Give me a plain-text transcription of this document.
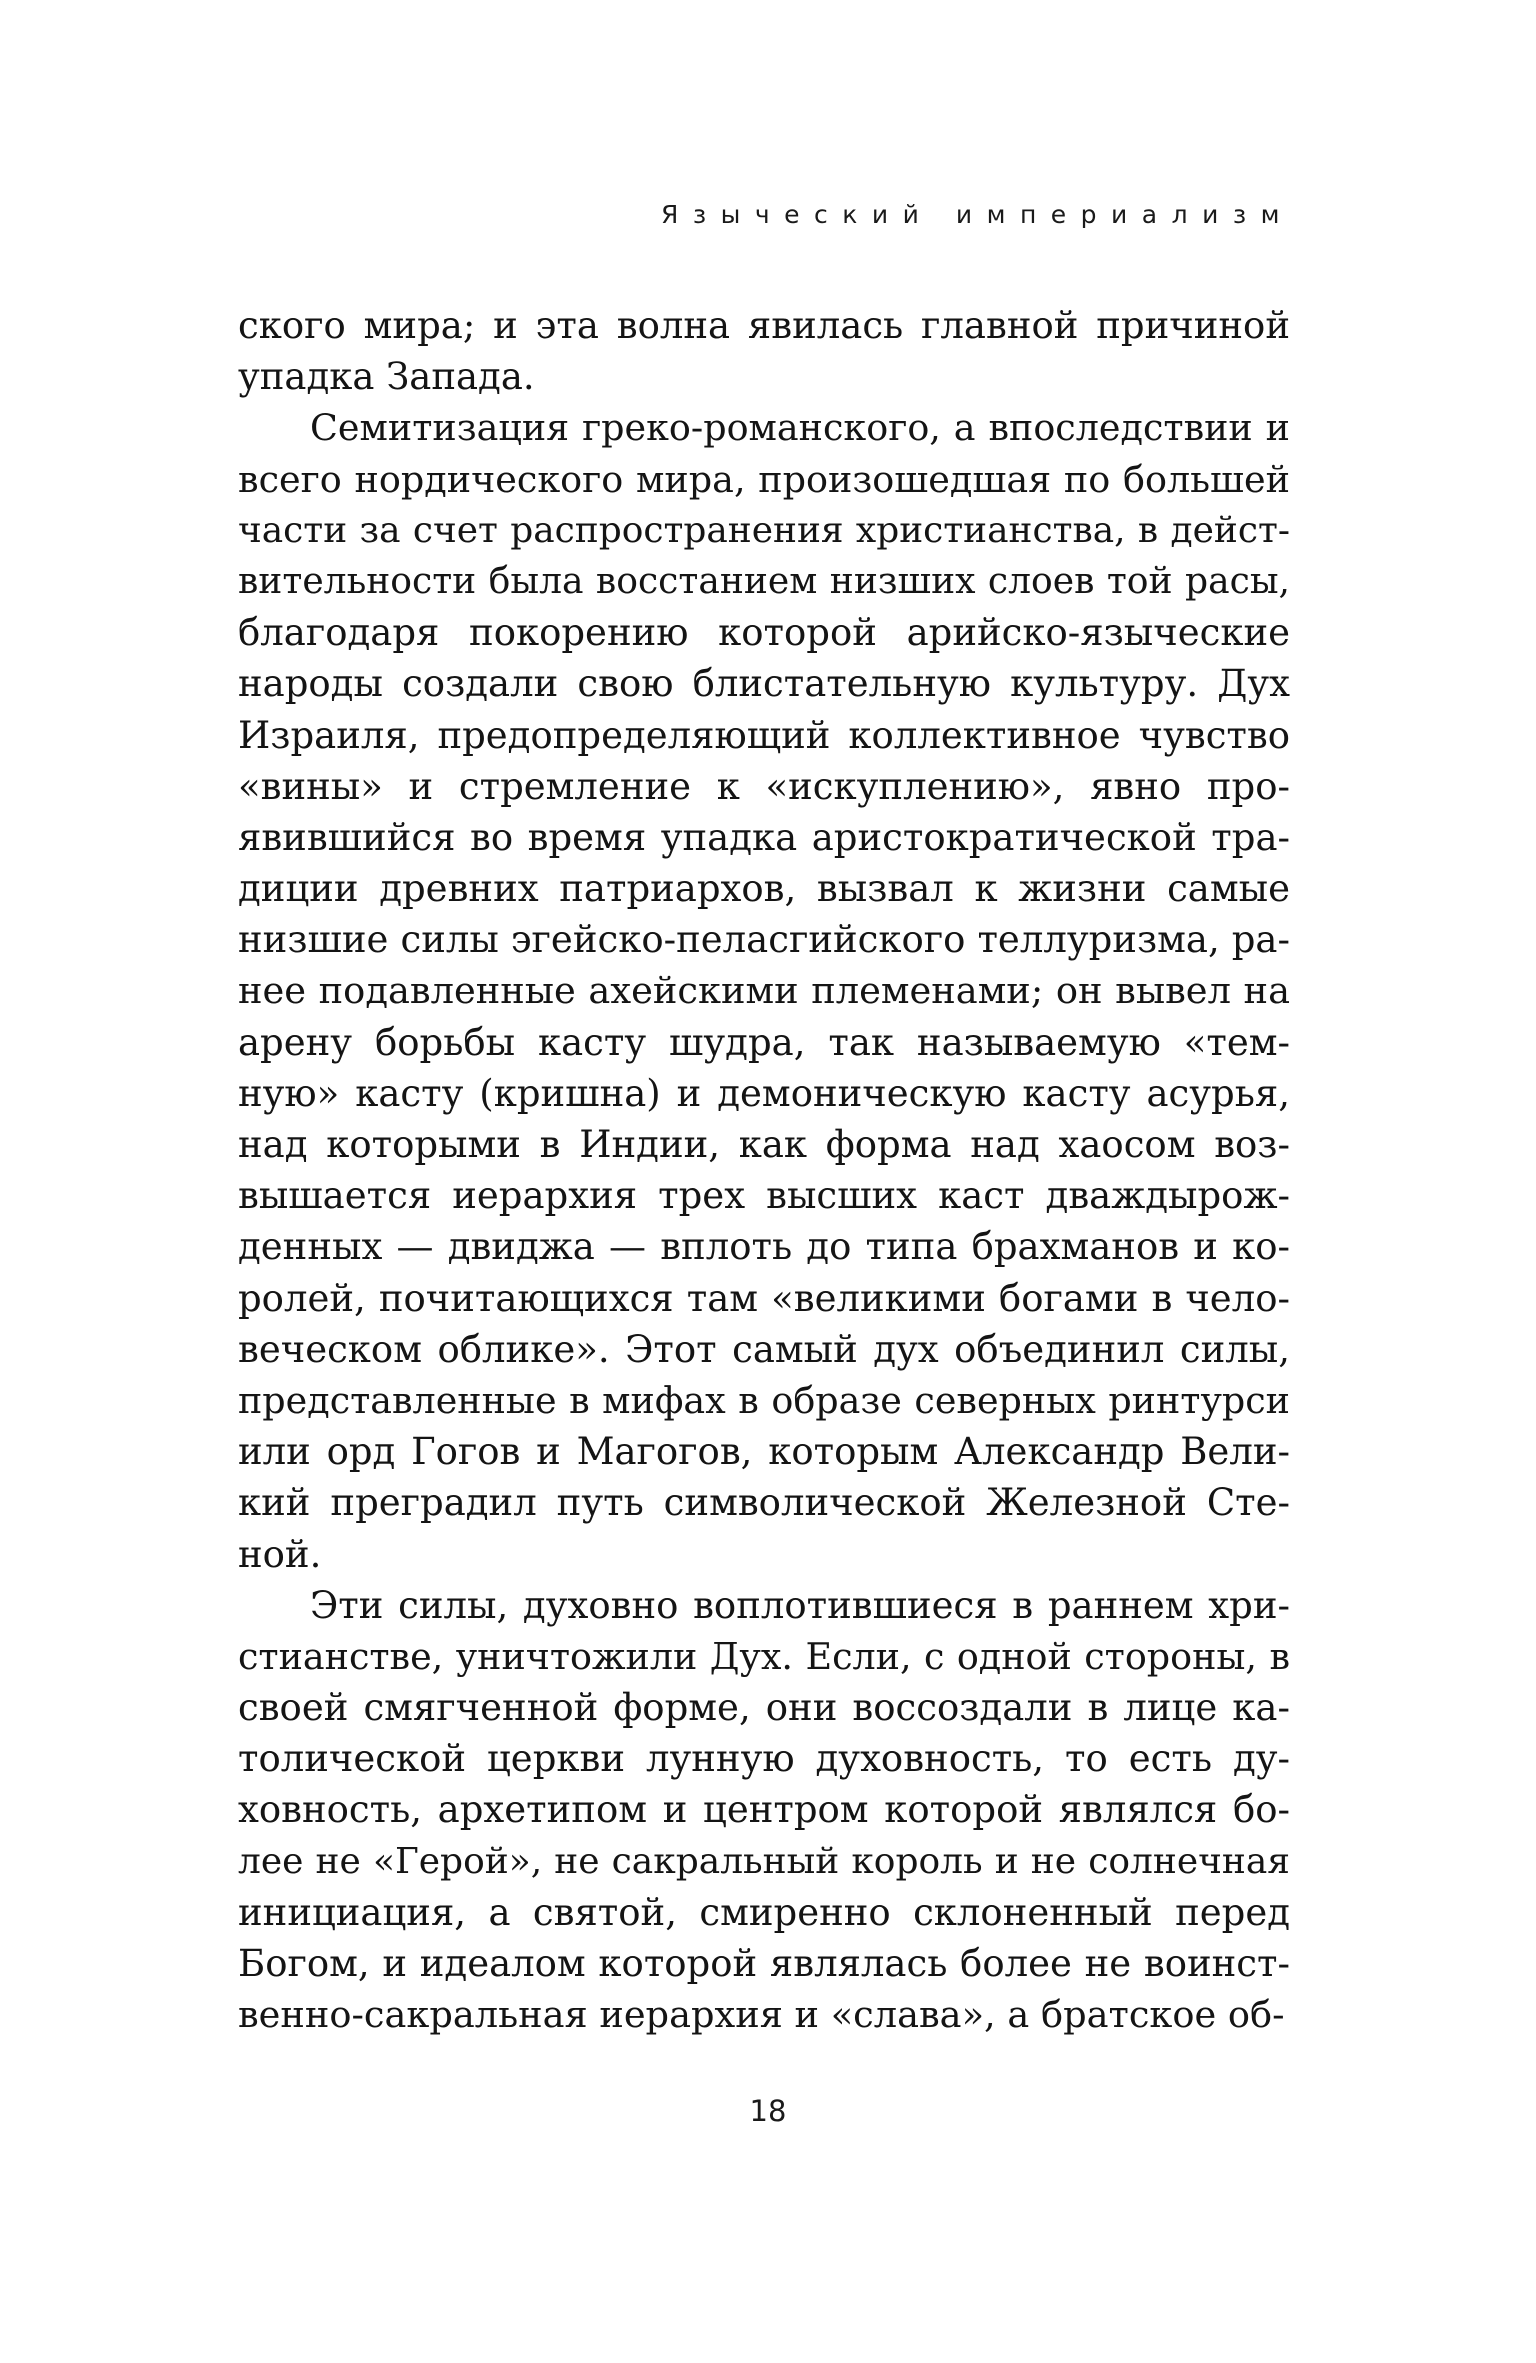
Языческий империализм
ского мира; и эта волна явилась главной причиной
упадка Запада.
Семитизация греко-романского, а впоследствии и
всего нордического мира, произошедшая по большей
части за счет распространения христианства, в дейст-
вительности была восстанием низших слоев той расы,
благодаря покорению которой арийско-языческие
народы создали свою блистательную культуру. Дух
Израиля, предопределяющий коллективное чувство
«вины» и стремление к «искуплению», явно про-
явившийся во время упадка аристократической тра-
диции древних патриархов, вызвал к жизни самые
низшие силы эгейско-пеласгийского теллуризма, ра-
нее подавленные ахейскими племенами; он вывел на
арену борьбы касту шудра, так называемую «тем-
ную» касту (кришна) и демоническую касту асурья,
над которыми в Индии, как форма над хаосом воз-
вышается иерархия трех высших каст дваждырож-
денных — двиджа — вплоть до типа брахманов и ко-
ролей, почитающихся там «великими богами в чело-
веческом облике». Этот самый дух объединил силы,
представленные в мифах в образе северных ринтурси
или орд Гогов и Магогов, которым Александр Вели-
кий преградил путь символической Железной Сте-
ной.
Эти силы, духовно воплотившиеся в раннем хри-
стианстве, уничтожили Дух. Если, с одной стороны, в
своей смягченной форме, они воссоздали в лице ка-
толической церкви лунную духовность, то есть ду-
ховность, архетипом и центром которой являлся бо-
лее не «Герой», не сакральный король и не солнечная
инициация, а святой, смиренно склоненный перед
Богом, и идеалом которой являлась более не воинст-
венно-сакральная иерархия и «слава», а братское об-
18
